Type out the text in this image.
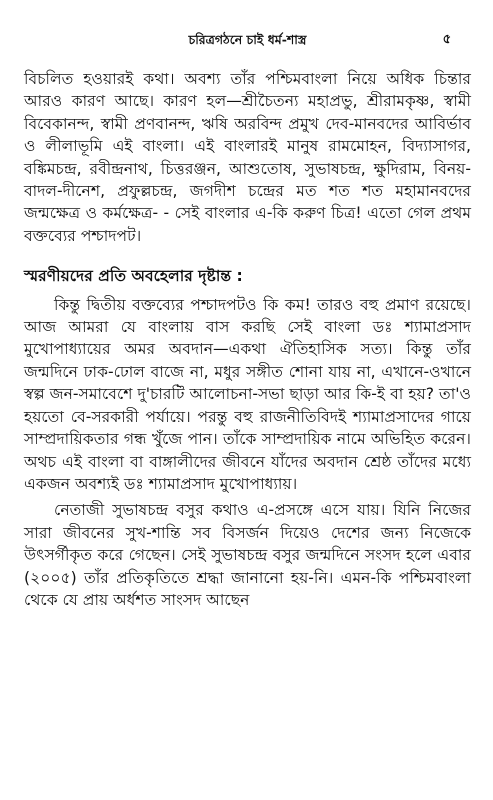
চরিত্রগঠনে চাই ধর্ম-শাস্ত্র	৫

বিচলিত হওয়ারই কথা। অবশ্য তাঁর পশ্চিমবাংলা নিয়ে অধিক চিন্তার আরও কারণ আছে। কারণ হল—শ্রীচৈতন্য মহাপ্রভু, শ্রীরামকৃষ্ণ, স্বামী বিবেকানন্দ, স্বামী প্রণবানন্দ, ঋষি অরবিন্দ প্রমুখ দেব-মানবদের আবির্ভাব ও লীলাভূমি এই বাংলা। এই বাংলারই মানুষ রামমোহন, বিদ্যাসাগর, বঙ্কিমচন্দ্র, রবীন্দ্রনাথ, চিত্তরঞ্জন, আশুতোষ, সুভাষচন্দ্র, ক্ষুদিরাম, বিনয়-বাদল-দীনেশ, প্রফুল্লচন্দ্র, জগদীশ চন্দ্রের মত শত শত মহামানবদের জন্মক্ষেত্র ও কর্মক্ষেত্র- - সেই বাংলার এ-কি করুণ চিত্র! এতো গেল প্রথম বক্তব্যের পশ্চাদপট।

স্মরণীয়দের প্রতি অবহেলার দৃষ্টান্ত :

কিন্তু দ্বিতীয় বক্তব্যের পশ্চাদপটও কি কম! তারও বহু প্রমাণ রয়েছে। আজ আমরা যে বাংলায় বাস করছি সেই বাংলা ডঃ শ্যামাপ্রসাদ মুখোপাধ্যায়ের অমর অবদান—একথা ঐতিহাসিক সত্য। কিন্তু তাঁর জন্মদিনে ঢাক-ঢোল বাজে না, মধুর সঙ্গীত শোনা যায় না, এখানে-ওখানে স্বল্প জন-সমাবেশে দু'চারটি আলোচনা-সভা ছাড়া আর কি-ই বা হয়? তা'ও হয়তো বে-সরকারী পর্যায়ে। পরন্তু বহু রাজনীতিবিদই শ্যামাপ্রসাদের গায়ে সাম্প্রদায়িকতার গন্ধ খুঁজে পান। তাঁকে সাম্প্রদায়িক নামে অভিহিত করেন। অথচ এই বাংলা বা বাঙ্গালীদের জীবনে যাঁদের অবদান শ্রেষ্ঠ তাঁদের মধ্যে একজন অবশ্যই ডঃ শ্যামাপ্রসাদ মুখোপাধ্যায়।

নেতাজী সুভাষচন্দ্র বসুর কথাও এ-প্রসঙ্গে এসে যায়। যিনি নিজের সারা জীবনের সুখ-শান্তি সব বিসর্জন দিয়েও দেশের জন্য নিজেকে উৎসর্গীকৃত করে গেছেন। সেই সুভাষচন্দ্র বসুর জন্মদিনে সংসদ হলে এবার (২০০৫) তাঁর প্রতিকৃতিতে শ্রদ্ধা জানানো হয়-নি। এমন-কি পশ্চিমবাংলা থেকে যে প্রায় অর্ধশত সাংসদ আছেন
